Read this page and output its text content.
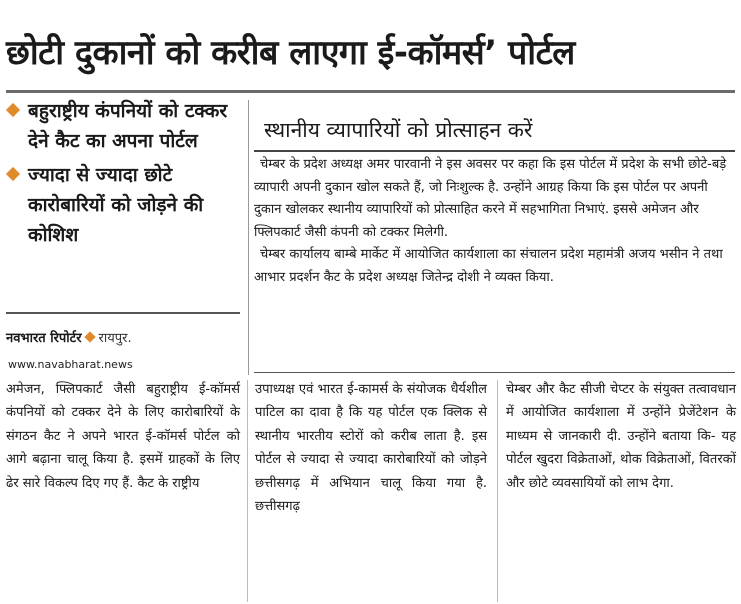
छोटी दुकानों को करीब लाएगा ई-कॉमर्स’ पोर्टल
बहुराष्ट्रीय कंपनियों को टक्कर देने कैट का अपना पोर्टल
ज्यादा से ज्यादा छोटे कारोबारियों को जोड़ने की कोशिश
नवभारत रिपोर्टर रायपुर.
www.navabharat.news
स्थानीय व्यापारियों को प्रोत्साहन करें

चेम्बर के प्रदेश अध्यक्ष अमर पारवानी ने इस अवसर पर कहा कि इस पोर्टल में प्रदेश के सभी छोटे-बड़े व्यापारी अपनी दुकान खोल सकते हैं, जो निःशुल्क है. उन्होंने आग्रह किया कि इस पोर्टल पर अपनी दुकान खोलकर स्थानीय व्यापारियों को प्रोत्साहित करने में सहभागिता निभाएं. इससे अमेजन और फ्लिपकार्ट जैसी कंपनी को टक्कर मिलेगी.

चेम्बर कार्यालय बाम्बे मार्केट में आयोजित कार्यशाला का संचालन प्रदेश महामंत्री अजय भसीन ने तथा आभार प्रदर्शन कैट के प्रदेश अध्यक्ष जितेन्द्र दोशी ने व्यक्त किया.

अमेजन, फ्लिपकार्ट जैसी बहुराष्ट्रीय ई-कॉमर्स कंपनियों को टक्कर देने के लिए कारोबारियों के संगठन कैट ने अपने भारत ई-कॉमर्स पोर्टल को आगे बढ़ाना चालू किया है. इसमें ग्राहकों के लिए ढेर सारे विकल्प दिए गए हैं. कैट के राष्ट्रीय
उपाध्यक्ष एवं भारत ई-कामर्स के संयोजक धैर्यशील पाटिल का दावा है कि यह पोर्टल एक क्लिक से स्थानीय भारतीय स्टोरों को करीब लाता है. इस पोर्टल से ज्यादा से ज्यादा कारोबारियों को जोड़ने छत्तीसगढ़ में अभियान चालू किया गया है. छत्तीसगढ़
चेम्बर और कैट सीजी चेप्टर के संयुक्त तत्वावधान में आयोजित कार्यशाला में उन्होंने प्रेजेंटेशन के माध्यम से जानकारी दी. उन्होंने बताया कि- यह पोर्टल खुदरा विक्रेताओं, थोक विक्रेताओं, वितरकों और छोटे व्यवसायियों को लाभ देगा.
